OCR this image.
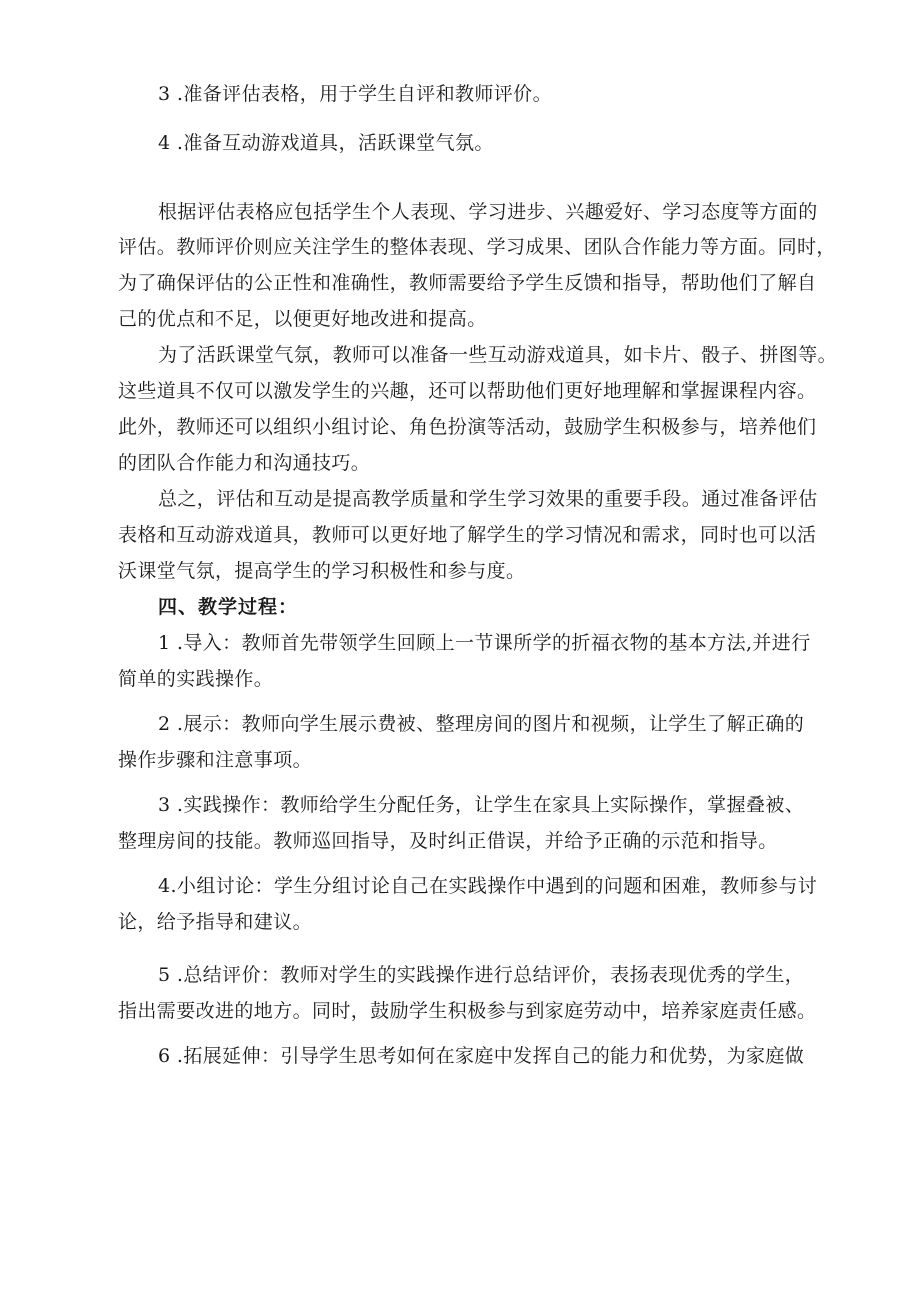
3 .准备评估表格，用于学生自评和教师评价。
4 .准备互动游戏道具，活跃课堂气氛。
根据评估表格应包括学生个人表现、学习进步、兴趣爱好、学习态度等方面的
评估。教师评价则应关注学生的整体表现、学习成果、团队合作能力等方面。同时，
为了确保评估的公正性和准确性，教师需要给予学生反馈和指导，帮助他们了解自
己的优点和不足，以便更好地改进和提高。
为了活跃课堂气氛，教师可以准备一些互动游戏道具，如卡片、骰子、拼图等。
这些道具不仅可以激发学生的兴趣，还可以帮助他们更好地理解和掌握课程内容。
此外，教师还可以组织小组讨论、角色扮演等活动，鼓励学生积极参与，培养他们
的团队合作能力和沟通技巧。
总之，评估和互动是提高教学质量和学生学习效果的重要手段。通过准备评估
表格和互动游戏道具，教师可以更好地了解学生的学习情况和需求，同时也可以活
沃课堂气氛，提高学生的学习积极性和参与度。
四、教学过程：
1 .导入：教师首先带领学生回顾上一节课所学的折福衣物的基本方法,并进行
简单的实践操作。
2 .展示：教师向学生展示费被、整理房间的图片和视频，让学生了解正确的
操作步骤和注意事项。
3 .实践操作：教师给学生分配任务，让学生在家具上实际操作，掌握叠被、
整理房间的技能。教师巡回指导，及时纠正借误，并给予正确的示范和指导。
4.小组讨论：学生分组讨论自己在实践操作中遇到的问题和困难，教师参与讨
论，给予指导和建议。
5 .总结评价：教师对学生的实践操作进行总结评价，表扬表现优秀的学生，
指出需要改进的地方。同时，鼓励学生积极参与到家庭劳动中，培养家庭责任感。
6 .拓展延伸：引导学生思考如何在家庭中发挥自己的能力和优势，为家庭做
